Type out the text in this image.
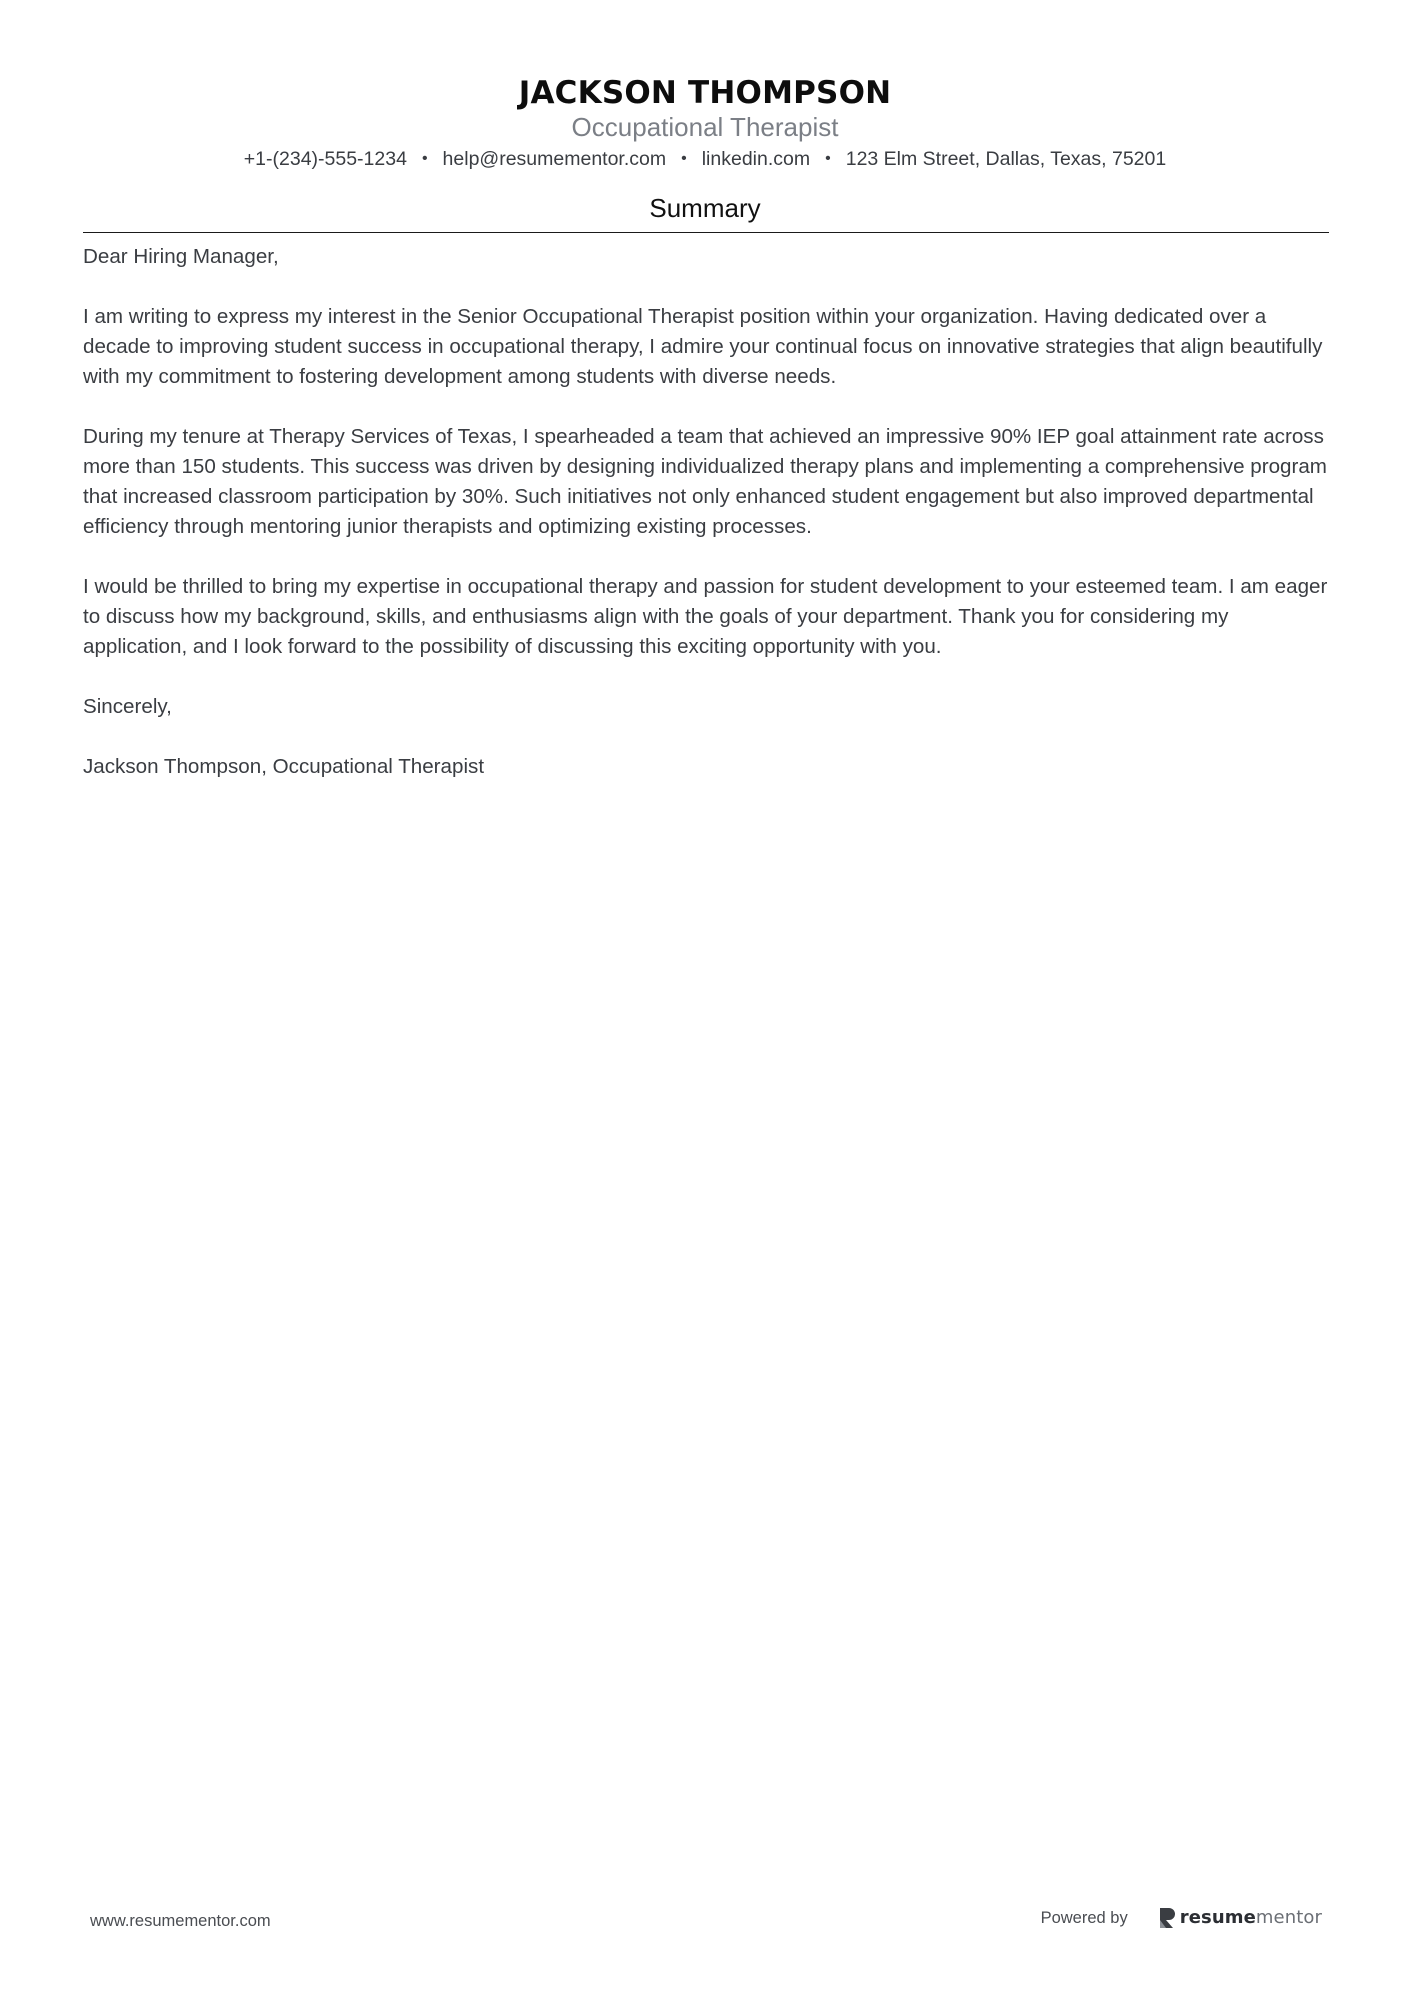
JACKSON THOMPSON
Occupational Therapist
+1-(234)-555-1234 • help@resumementor.com • linkedin.com • 123 Elm Street, Dallas, Texas, 75201
Summary

Dear Hiring Manager,

I am writing to express my interest in the Senior Occupational Therapist position within your organization. Having dedicated over a decade to improving student success in occupational therapy, I admire your continual focus on innovative strategies that align beautifully with my commitment to fostering development among students with diverse needs.

During my tenure at Therapy Services of Texas, I spearheaded a team that achieved an impressive 90% IEP goal attainment rate across more than 150 students. This success was driven by designing individualized therapy plans and implementing a comprehensive program that increased classroom participation by 30%. Such initiatives not only enhanced student engagement but also improved departmental efficiency through mentoring junior therapists and optimizing existing processes.

I would be thrilled to bring my expertise in occupational therapy and passion for student development to your esteemed team. I am eager to discuss how my background, skills, and enthusiasms align with the goals of your department. Thank you for considering my application, and I look forward to the possibility of discussing this exciting opportunity with you.

Sincerely,

Jackson Thompson, Occupational Therapist

www.resumementor.com	Powered by	resumementor
